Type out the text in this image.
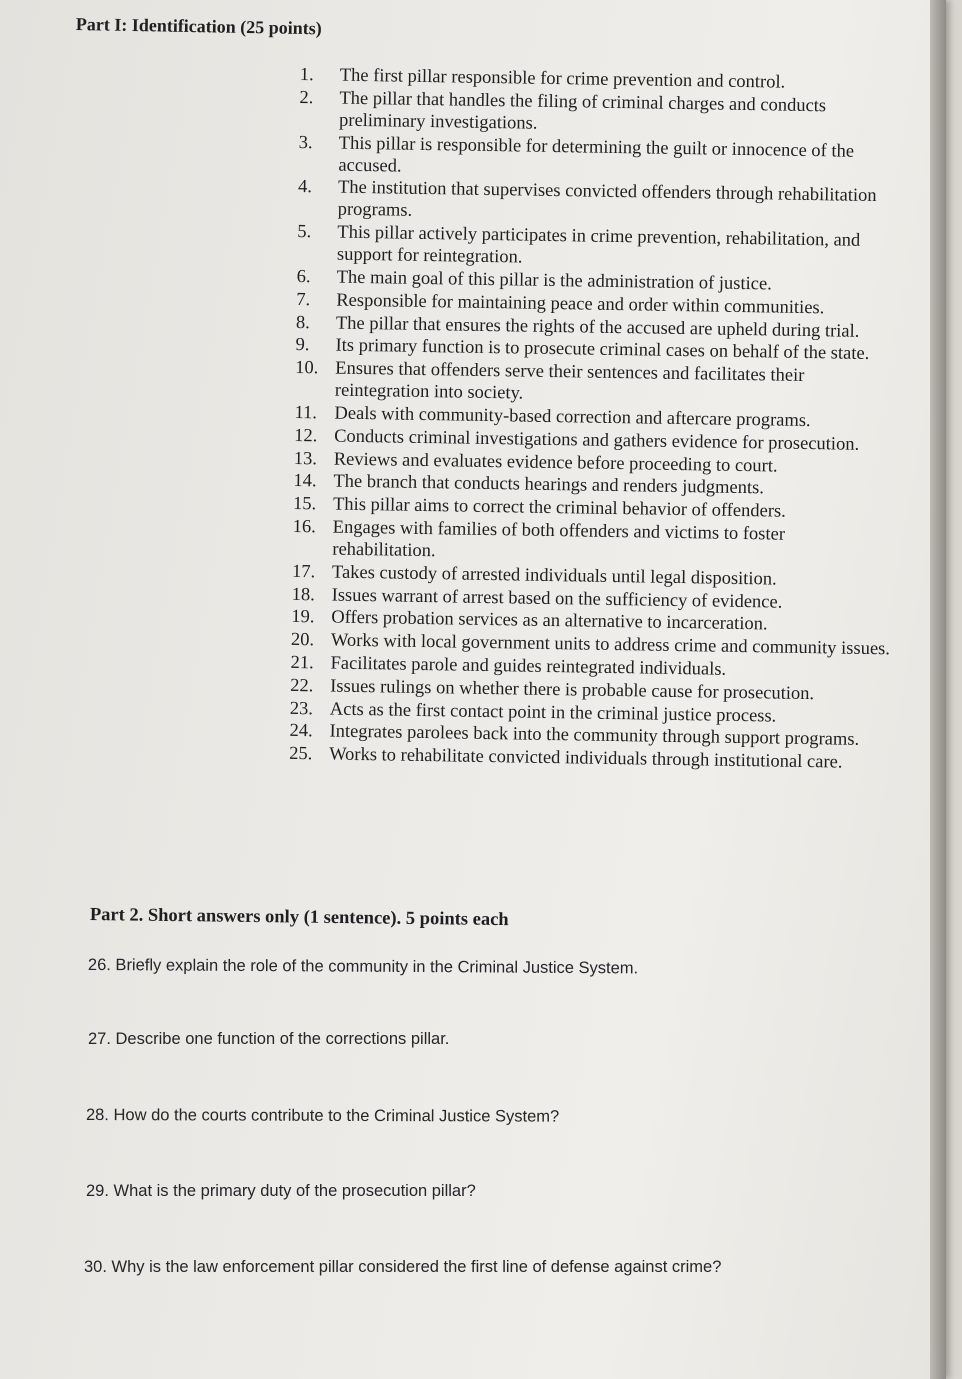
Part I: Identification (25 points)
1.	The first pillar responsible for crime prevention and control.
2.	The pillar that handles the filing of criminal charges and conducts preliminary investigations.
3.	This pillar is responsible for determining the guilt or innocence of the accused.
4.	The institution that supervises convicted offenders through rehabilitation programs.
5.	This pillar actively participates in crime prevention, rehabilitation, and support for reintegration.
6.	The main goal of this pillar is the administration of justice.
7.	Responsible for maintaining peace and order within communities.
8.	The pillar that ensures the rights of the accused are upheld during trial.
9.	Its primary function is to prosecute criminal cases on behalf of the state.
10. Ensures that offenders serve their sentences and facilitates their reintegration into society.
11. Deals with community-based correction and aftercare programs.
12. Conducts criminal investigations and gathers evidence for prosecution.
13. Reviews and evaluates evidence before proceeding to court.
14. The branch that conducts hearings and renders judgments.
15. This pillar aims to correct the criminal behavior of offenders.
16. Engages with families of both offenders and victims to foster rehabilitation.
17. Takes custody of arrested individuals until legal disposition.
18. Issues warrant of arrest based on the sufficiency of evidence.
19. Offers probation services as an alternative to incarceration.
20. Works with local government units to address crime and community issues.
21. Facilitates parole and guides reintegrated individuals.
22. Issues rulings on whether there is probable cause for prosecution.
23. Acts as the first contact point in the criminal justice process.
24. Integrates parolees back into the community through support programs.
25. Works to rehabilitate convicted individuals through institutional care.
Part 2. Short answers only (1 sentence). 5 points each
26. Briefly explain the role of the community in the Criminal Justice System.
27. Describe one function of the corrections pillar.
28. How do the courts contribute to the Criminal Justice System?
29. What is the primary duty of the prosecution pillar?
30. Why is the law enforcement pillar considered the first line of defense against crime?
